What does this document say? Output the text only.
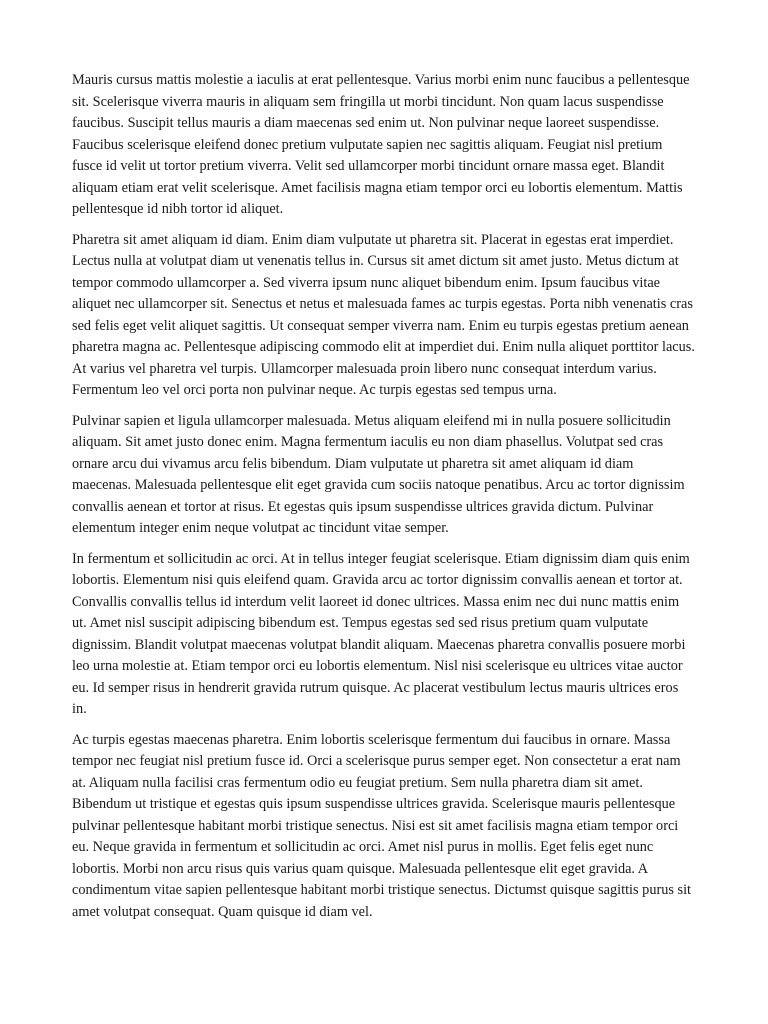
Mauris cursus mattis molestie a iaculis at erat pellentesque. Varius morbi enim nunc faucibus a pellentesque sit. Scelerisque viverra mauris in aliquam sem fringilla ut morbi tincidunt. Non quam lacus suspendisse faucibus. Suscipit tellus mauris a diam maecenas sed enim ut. Non pulvinar neque laoreet suspendisse. Faucibus scelerisque eleifend donec pretium vulputate sapien nec sagittis aliquam. Feugiat nisl pretium fusce id velit ut tortor pretium viverra. Velit sed ullamcorper morbi tincidunt ornare massa eget. Blandit aliquam etiam erat velit scelerisque. Amet facilisis magna etiam tempor orci eu lobortis elementum. Mattis pellentesque id nibh tortor id aliquet.

Pharetra sit amet aliquam id diam. Enim diam vulputate ut pharetra sit. Placerat in egestas erat imperdiet. Lectus nulla at volutpat diam ut venenatis tellus in. Cursus sit amet dictum sit amet justo. Metus dictum at tempor commodo ullamcorper a. Sed viverra ipsum nunc aliquet bibendum enim. Ipsum faucibus vitae aliquet nec ullamcorper sit. Senectus et netus et malesuada fames ac turpis egestas. Porta nibh venenatis cras sed felis eget velit aliquet sagittis. Ut consequat semper viverra nam. Enim eu turpis egestas pretium aenean pharetra magna ac. Pellentesque adipiscing commodo elit at imperdiet dui. Enim nulla aliquet porttitor lacus. At varius vel pharetra vel turpis. Ullamcorper malesuada proin libero nunc consequat interdum varius. Fermentum leo vel orci porta non pulvinar neque. Ac turpis egestas sed tempus urna.

Pulvinar sapien et ligula ullamcorper malesuada. Metus aliquam eleifend mi in nulla posuere sollicitudin aliquam. Sit amet justo donec enim. Magna fermentum iaculis eu non diam phasellus. Volutpat sed cras ornare arcu dui vivamus arcu felis bibendum. Diam vulputate ut pharetra sit amet aliquam id diam maecenas. Malesuada pellentesque elit eget gravida cum sociis natoque penatibus. Arcu ac tortor dignissim convallis aenean et tortor at risus. Et egestas quis ipsum suspendisse ultrices gravida dictum. Pulvinar elementum integer enim neque volutpat ac tincidunt vitae semper.

In fermentum et sollicitudin ac orci. At in tellus integer feugiat scelerisque. Etiam dignissim diam quis enim lobortis. Elementum nisi quis eleifend quam. Gravida arcu ac tortor dignissim convallis aenean et tortor at. Convallis convallis tellus id interdum velit laoreet id donec ultrices. Massa enim nec dui nunc mattis enim ut. Amet nisl suscipit adipiscing bibendum est. Tempus egestas sed sed risus pretium quam vulputate dignissim. Blandit volutpat maecenas volutpat blandit aliquam. Maecenas pharetra convallis posuere morbi leo urna molestie at. Etiam tempor orci eu lobortis elementum. Nisl nisi scelerisque eu ultrices vitae auctor eu. Id semper risus in hendrerit gravida rutrum quisque. Ac placerat vestibulum lectus mauris ultrices eros in.

Ac turpis egestas maecenas pharetra. Enim lobortis scelerisque fermentum dui faucibus in ornare. Massa tempor nec feugiat nisl pretium fusce id. Orci a scelerisque purus semper eget. Non consectetur a erat nam at. Aliquam nulla facilisi cras fermentum odio eu feugiat pretium. Sem nulla pharetra diam sit amet. Bibendum ut tristique et egestas quis ipsum suspendisse ultrices gravida. Scelerisque mauris pellentesque pulvinar pellentesque habitant morbi tristique senectus. Nisi est sit amet facilisis magna etiam tempor orci eu. Neque gravida in fermentum et sollicitudin ac orci. Amet nisl purus in mollis. Eget felis eget nunc lobortis. Morbi non arcu risus quis varius quam quisque. Malesuada pellentesque elit eget gravida. A condimentum vitae sapien pellentesque habitant morbi tristique senectus. Dictumst quisque sagittis purus sit amet volutpat consequat. Quam quisque id diam vel.
